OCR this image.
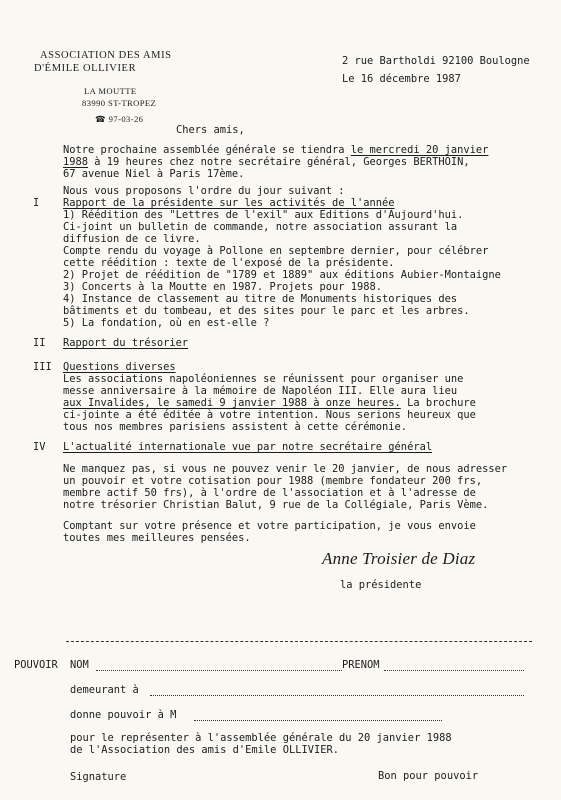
ASSOCIATION DES AMIS
D'ÉMILE OLLIVIER
LA MOUTTE
83990 ST-TROPEZ
☎ 97-03-26
2 rue Bartholdi 92100 Boulogne
Le 16 décembre 1987
Chers amis,
Notre prochaine assemblée générale se tiendra le mercredi 20 janvier
1988 à 19 heures chez notre secrétaire général, Georges BERTHOIN,
67 avenue Niel à Paris 17ème.
Nous vous proposons l'ordre du jour suivant :
I Rapport de la présidente sur les activités de l'année
1) Réédition des "Lettres de l'exil" aux Editions d'Aujourd'hui.
Ci-joint un bulletin de commande, notre association assurant la
diffusion de ce livre.
Compte rendu du voyage à Pollone en septembre dernier, pour célébrer
cette réédition : texte de l'exposé de la présidente.
2) Projet de réédition de "1789 et 1889" aux éditions Aubier-Montaigne
3) Concerts à la Moutte en 1987. Projets pour 1988.
4) Instance de classement au titre de Monuments historiques des
bâtiments et du tombeau, et des sites pour le parc et les arbres.
5) La fondation, où en est-elle ?
II Rapport du trésorier
III Questions diverses
Les associations napoléoniennes se réunissent pour organiser une
messe anniversaire à la mémoire de Napoléon III. Elle aura lieu
aux Invalides, le samedi 9 janvier 1988 à onze heures. La brochure
ci-jointe a été éditée à votre intention. Nous serions heureux que
tous nos membres parisiens assistent à cette cérémonie.
IV L'actualité internationale vue par notre secrétaire général
Ne manquez pas, si vous ne pouvez venir le 20 janvier, de nous adresser
un pouvoir et votre cotisation pour 1988 (membre fondateur 200 frs,
membre actif 50 frs), à l'ordre de l'association et à l'adresse de
notre trésorier Christian Balut, 9 rue de la Collégiale, Paris Vème.
Comptant sur votre présence et votre participation, je vous envoie
toutes mes meilleures pensées.
Anne Troisier de Diaz
la présidente
POUVOIR NOM	PRENOM
demeurant à
donne pouvoir à M
pour le représenter à l'assemblée générale du 20 janvier 1988
de l'Association des amis d'Emile OLLIVIER.
Signature	Bon pour pouvoir
